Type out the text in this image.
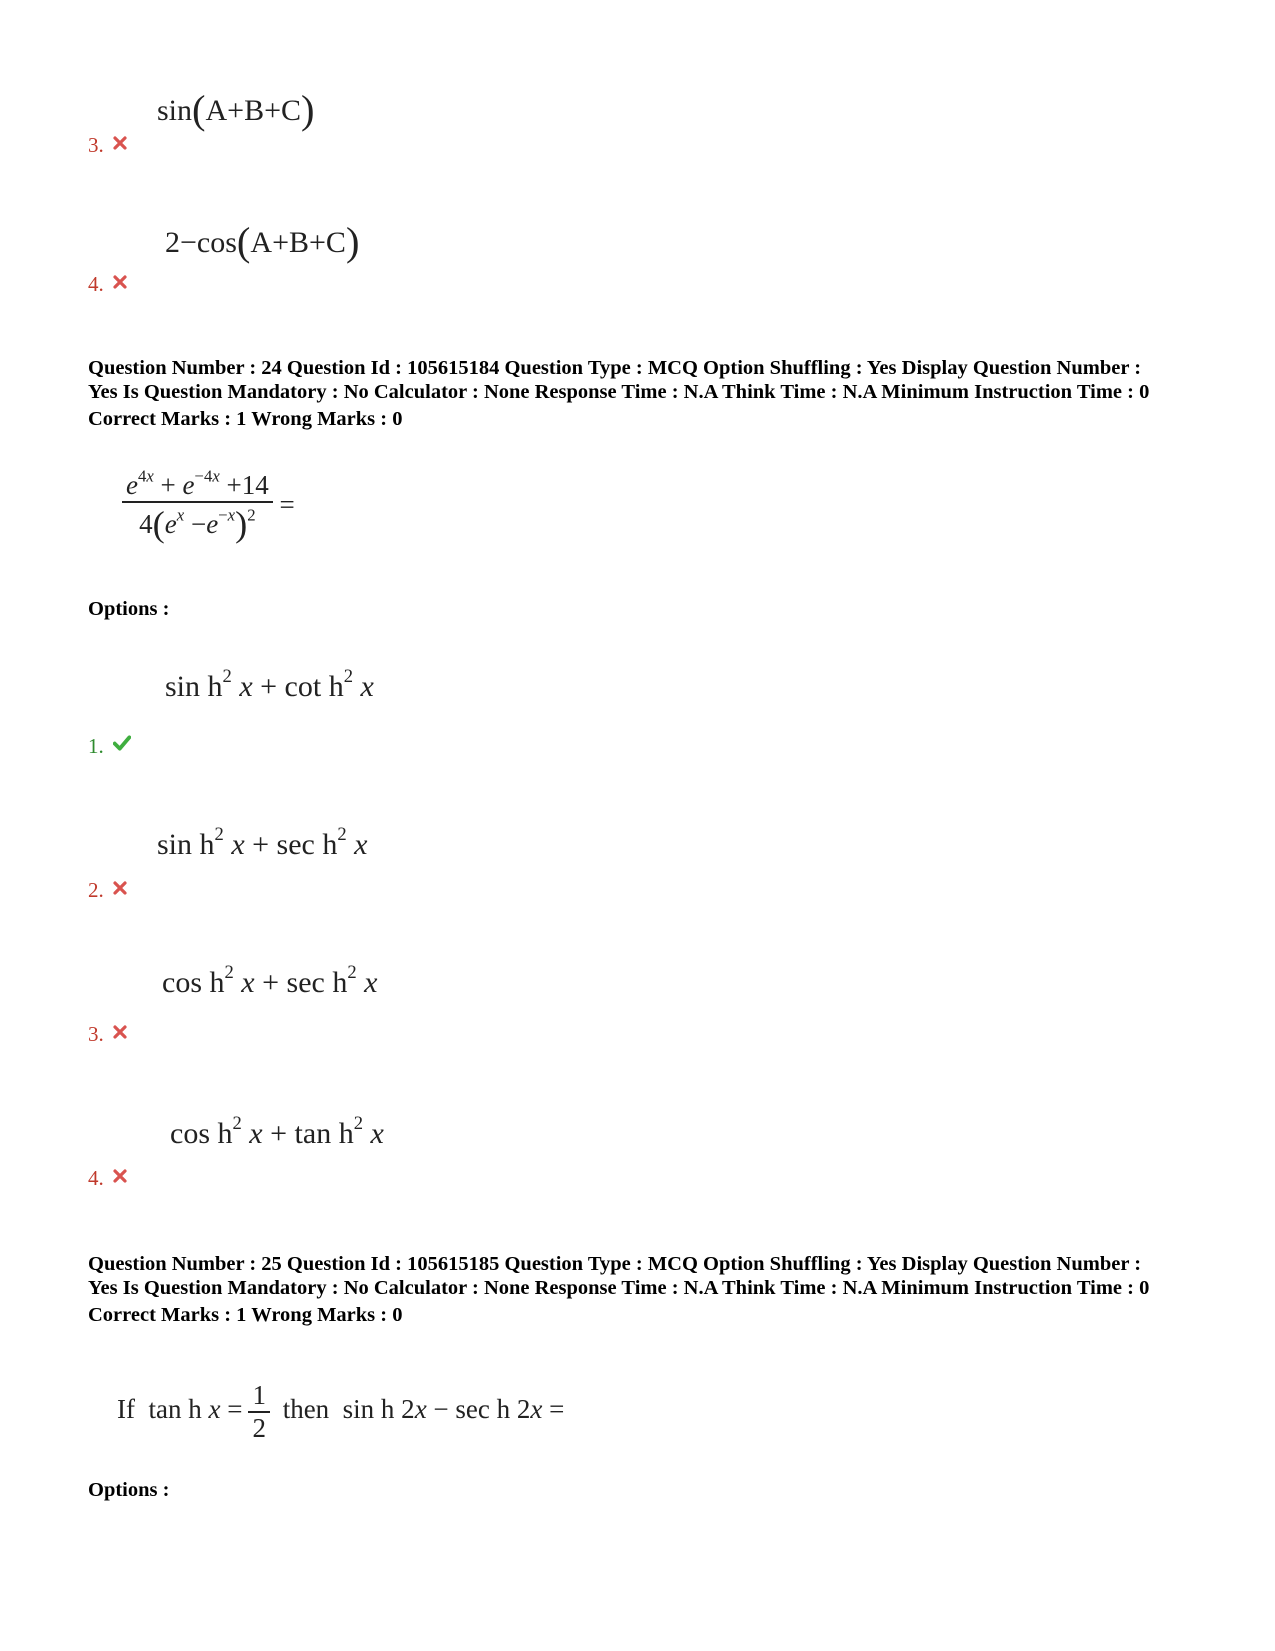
sin(A+B+C)
3.
2−cos(A+B+C)
4.
Question Number : 24 Question Id : 105615184 Question Type : MCQ Option Shuffling : Yes Display Question Number :
Yes Is Question Mandatory : No Calculator : None Response Time : N.A Think Time : N.A Minimum Instruction Time : 0
Correct Marks : 1 Wrong Marks : 0
$\frac{e^{4x} + e^{-4x} +14}{4(e^x -e^{-x})^2}$ =
Options :
$\sin h^2$ $x + \cot h^2$ x
1.
$\sin h^2$ $x + \sec h^2$ x
2.
$\cos h^2$ $x + \sec h^2$ x
3.
$\cos h^2$ $x + \tan h^2$ x
4.
Question Number : 25 Question Id : 105615185 Question Type : MCQ Option Shuffling : Yes Display Question Number :
Yes Is Question Mandatory : No Calculator : None Response Time : N.A Think Time : N.A Minimum Instruction Time : 0
Correct Marks : 1 Wrong Marks : 0
If  tan h $x = \frac{1}{2}$ then  sin h 2x − sec h 2x =
Options :
